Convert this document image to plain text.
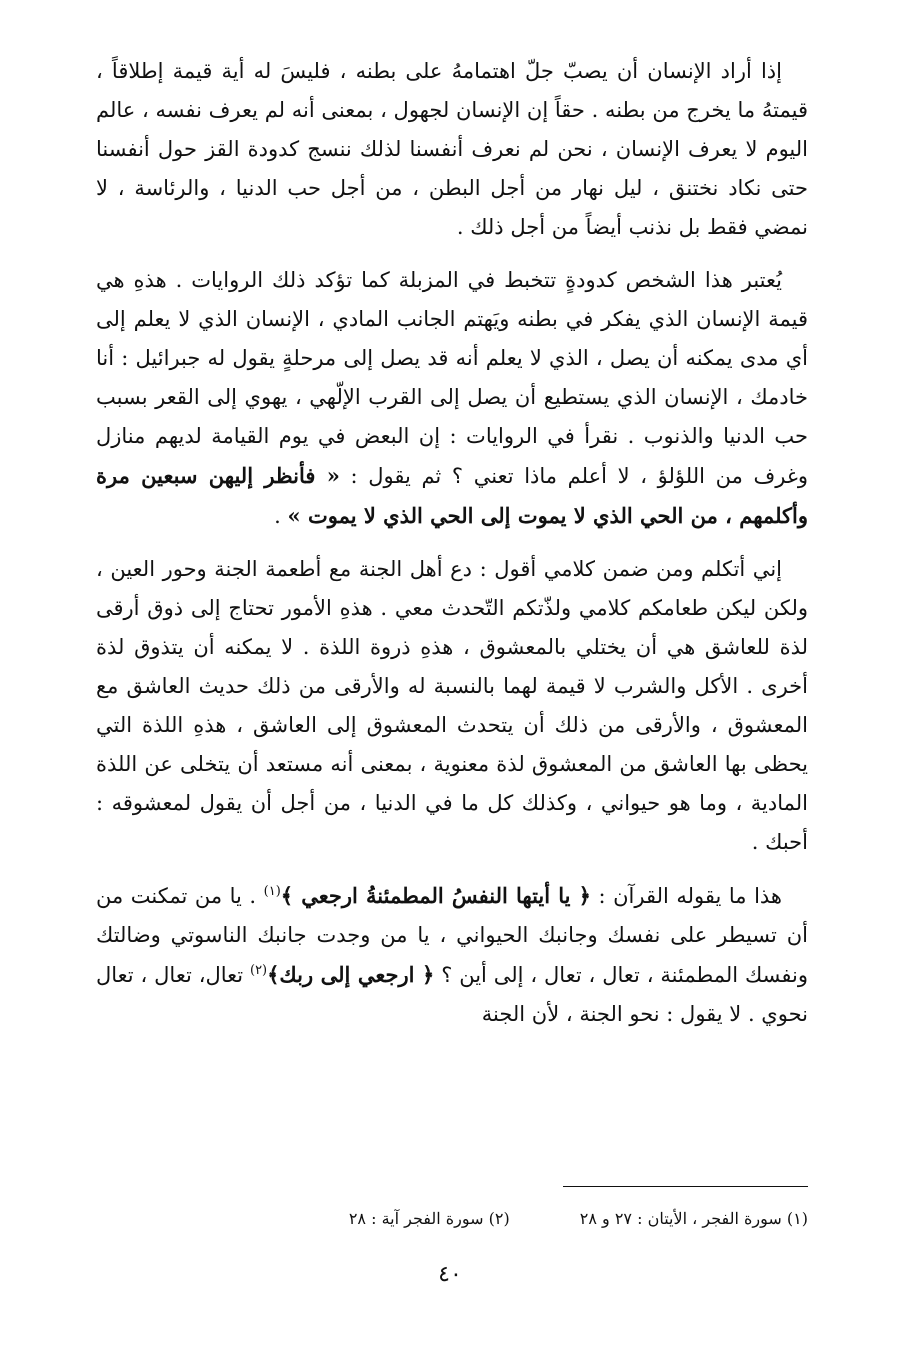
إذا أراد الإنسان أن يصبّ جلّ اهتمامهُ على بطنه ، فليسَ له أية قيمة إطلاقاً ، قيمتهُ ما يخرج من بطنه . حقاً إن الإنسان لجهول ، بمعنى أنه لم يعرف نفسه ، عالم اليوم لا يعرف الإنسان ، نحن لم نعرف أنفسنا لذلك ننسج كدودة القز حول أنفسنا حتى نكاد نختنق ، ليل نهار من أجل البطن ، من أجل حب الدنيا ، والرئاسة ، لا نمضي فقط بل نذنب أيضاً من أجل ذلك .

يُعتبر هذا الشخص كدودةٍ تتخبط في المزبلة كما تؤكد ذلك الروايات . هذهِ هي قيمة الإنسان الذي يفكر في بطنه ويَهتم الجانب المادي ، الإنسان الذي لا يعلم إلى أي مدى يمكنه أن يصل ، الذي لا يعلم أنه قد يصل إلى مرحلةٍ يقول له جبرائيل : أنا خادمك ، الإنسان الذي يستطيع أن يصل إلى القرب الإلّهي ، يهوي إلى القعر بسبب حب الدنيا والذنوب . نقرأ في الروايات : إن البعض في يوم القيامة لديهم منازل وغرف من اللؤلؤ ، لا أعلم ماذا تعني ؟ ثم يقول : « فأنظر إليهن سبعين مرة وأكلمهم ، من الحي الذي لا يموت إلى الحي الذي لا يموت » .

إني أتكلم ومن ضمن كلامي أقول : دع أهل الجنة مع أطعمة الجنة وحور العين ، ولكن ليكن طعامكم كلامي ولذّتكم التّحدث معي . هذهِ الأمور تحتاج إلى ذوق أرقى لذة للعاشق هي أن يختلي بالمعشوق ، هذهِ ذروة اللذة . لا يمكنه أن يتذوق لذة أخرى . الأكل والشرب لا قيمة لهما بالنسبة له والأرقى من ذلك حديث العاشق مع المعشوق ، والأرقى من ذلك أن يتحدث المعشوق إلى العاشق ، هذهِ اللذة التي يحظى بها العاشق من المعشوق لذة معنوية ، بمعنى أنه مستعد أن يتخلى عن اللذة المادية ، وما هو حيواني ، وكذلك كل ما في الدنيا ، من أجل أن يقول لمعشوقه : أحبك .

هذا ما يقوله القرآن : ﴿ يا أيتها النفسُ المطمئنةُ ارجعي ﴾$^{(١)}$ . يا من تمكنت من أن تسيطر على نفسك وجانبك الحيواني ، يا من وجدت جانبك الناسوتي وضالتك ونفسك المطمئنة ، تعال ، تعال ، إلى أين ؟ ﴿ ارجعي إلى ربك﴾$^{(٢)}$ تعال، تعال ، تعال نحوي . لا يقول : نحو الجنة ، لأن الجنة

(١) سورة الفجر ، الأيتان : ٢٧ و ٢٨
(٢) سورة الفجر آية : ٢٨
٤٠
